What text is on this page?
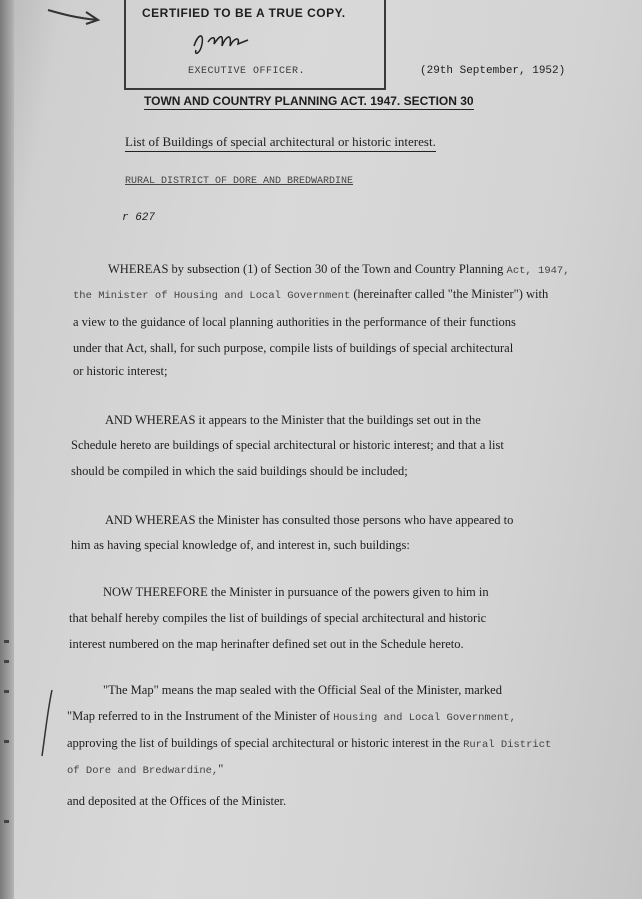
CERTIFIED TO BE A TRUE COPY.
EXECUTIVE OFFICER.	(29th September, 1952)
TOWN AND COUNTRY PLANNING ACT. 1947. SECTION 30
List of Buildings of special architectural or historic interest.
RURAL DISTRICT OF DORE AND BREDWARDINE
r 627
WHEREAS by subsection (1) of Section 30 of the Town and Country Planning Act, 1947,
the Minister of Housing and Local Government (hereinafter called "the Minister") with
a view to the guidance of local planning authorities in the performance of their functions
under that Act, shall, for such purpose, compile lists of buildings of special architectural
or historic interest;
AND WHEREAS it appears to the Minister that the buildings set out in the
Schedule hereto are buildings of special architectural or historic interest; and that a list
should be compiled in which the said buildings should be included;
AND WHEREAS the Minister has consulted those persons who have appeared to
him as having special knowledge of, and interest in, such buildings:
NOW THEREFORE the Minister in pursuance of the powers given to him in
that behalf hereby compiles the list of buildings of special architectural and historic
interest numbered on the map herinafter defined set out in the Schedule hereto.
"The Map" means the map sealed with the Official Seal of the Minister, marked
"Map referred to in the Instrument of the Minister of Housing and Local Government,
approving the list of buildings of special architectural or historic interest in the Rural District
of Dore and Bredwardine,"
and deposited at the Offices of the Minister.
